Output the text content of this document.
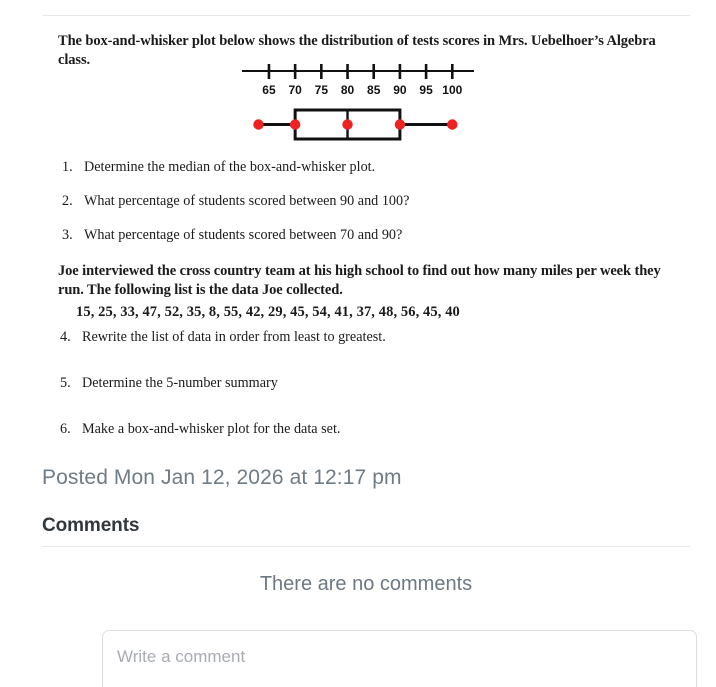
The box-and-whisker plot below shows the distribution of tests scores in Mrs. Uebelhoer’s Algebra class.

1. Determine the median of the box-and-whisker plot.
2. What percentage of students scored between 90 and 100?
3. What percentage of students scored between 70 and 90?

Joe interviewed the cross country team at his high school to find out how many miles per week they run. The following list is the data Joe collected.

15, 25, 33, 47, 52, 35, 8, 55, 42, 29, 45, 54, 41, 37, 48, 56, 45, 40

4. Rewrite the list of data in order from least to greatest.
5. Determine the 5-number summary
6. Make a box-and-whisker plot for the data set.
65 70 75 80 85 90 95 100
Posted Mon Jan 12, 2026 at 12:17 pm
Comments
There are no comments
Write a comment
